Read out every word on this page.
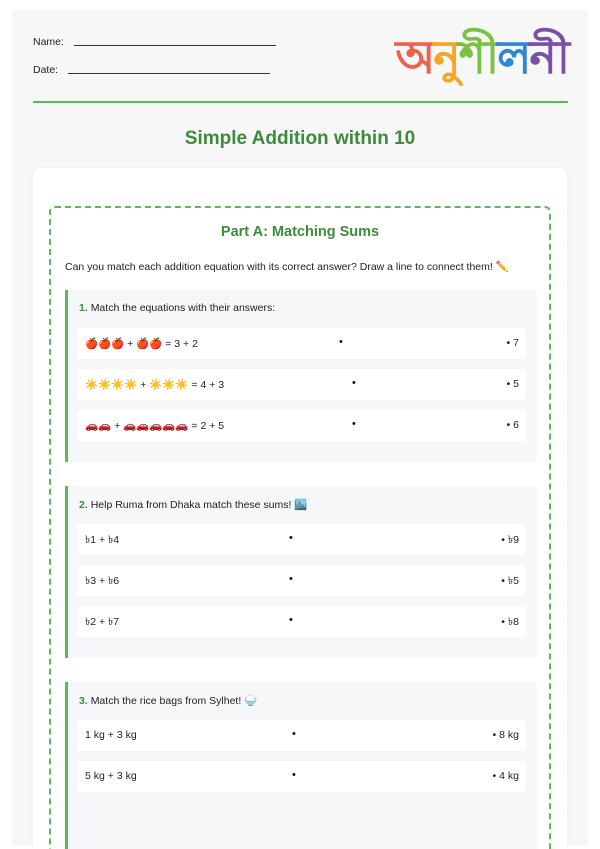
Name:
Date:	অনুশীলনী
Simple Addition within 10
Part A: Matching Sums
Can you match each addition equation with its correct answer? Draw a line to connect them! ✏️
1. Match the equations with their answers:
🍎🍎🍎 + 🍎🍎 = 3 + 2	•	• 7
☀️☀️☀️☀️ + ☀️☀️☀️ = 4 + 3	•	• 5
🚗🚗 + 🚗🚗🚗🚗🚗 = 2 + 5	•	• 6
2. Help Ruma from Dhaka match these sums! 🏙️
৳1 + ৳4	•	• ৳9
৳3 + ৳6	•	• ৳5
৳2 + ৳7	•	• ৳8
3. Match the rice bags from Sylhet! 🍚
1 kg + 3 kg	•	• 8 kg
5 kg + 3 kg	•	• 4 kg
